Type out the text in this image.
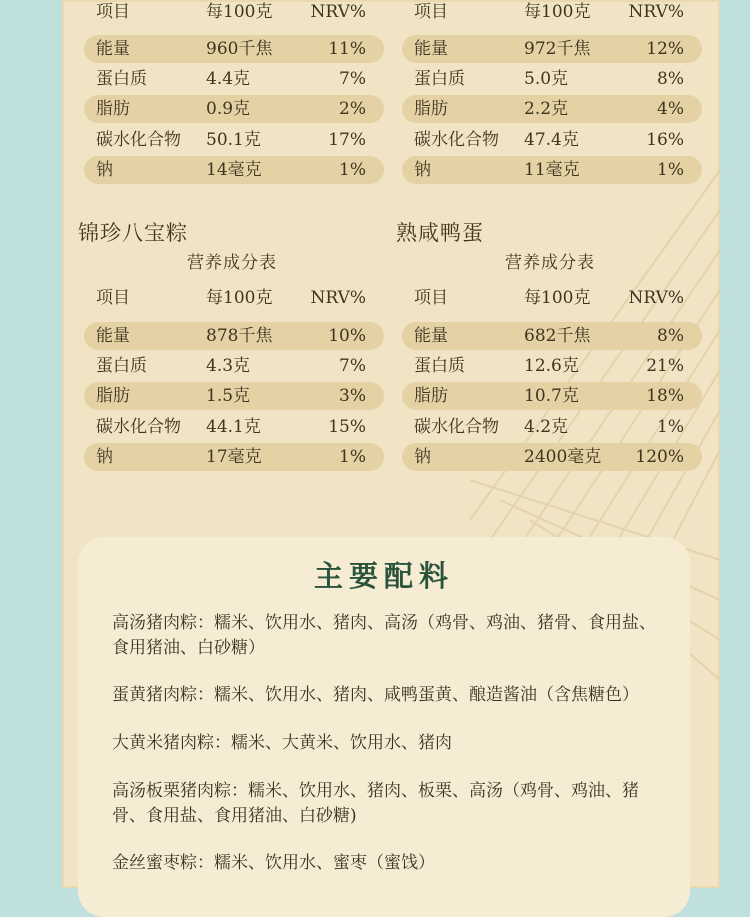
项目	每100克 NRV%
能量	960千焦	11%
蛋白质	4.4克	7%
脂肪	0.9克	2%
碳水化合物 50.1克	17%
钠	14毫克	1%
项目	每100克 NRV%
能量	972千焦	12%
蛋白质	5.0克	8%
脂肪	2.2克	4%
碳水化合物 47.4克	16%
钠	11毫克	1%
锦珍八宝粽
营养成分表
熟咸鸭蛋
营养成分表
项目	每100克 NRV%
能量	878千焦	10%
蛋白质	4.3克	7%
脂肪	1.5克	3%
碳水化合物 44.1克	15%
钠	17毫克	1%
项目	每100克 NRV%
能量	682千焦	8%
蛋白质	12.6克	21%
脂肪	10.7克	18%
碳水化合物 4.2克	1%
钠	2400毫克 120%
主要配料
高汤猪肉粽：糯米、饮用水、猪肉、高汤（鸡骨、鸡油、猪骨、食用盐、食用猪油、白砂糖）
蛋黄猪肉粽：糯米、饮用水、猪肉、咸鸭蛋黄、酿造酱油（含焦糖色）
大黄米猪肉粽：糯米、大黄米、饮用水、猪肉
高汤板栗猪肉粽：糯米、饮用水、猪肉、板栗、高汤（鸡骨、鸡油、猪骨、食用盐、食用猪油、白砂糖)
金丝蜜枣粽：糯米、饮用水、蜜枣（蜜饯）
